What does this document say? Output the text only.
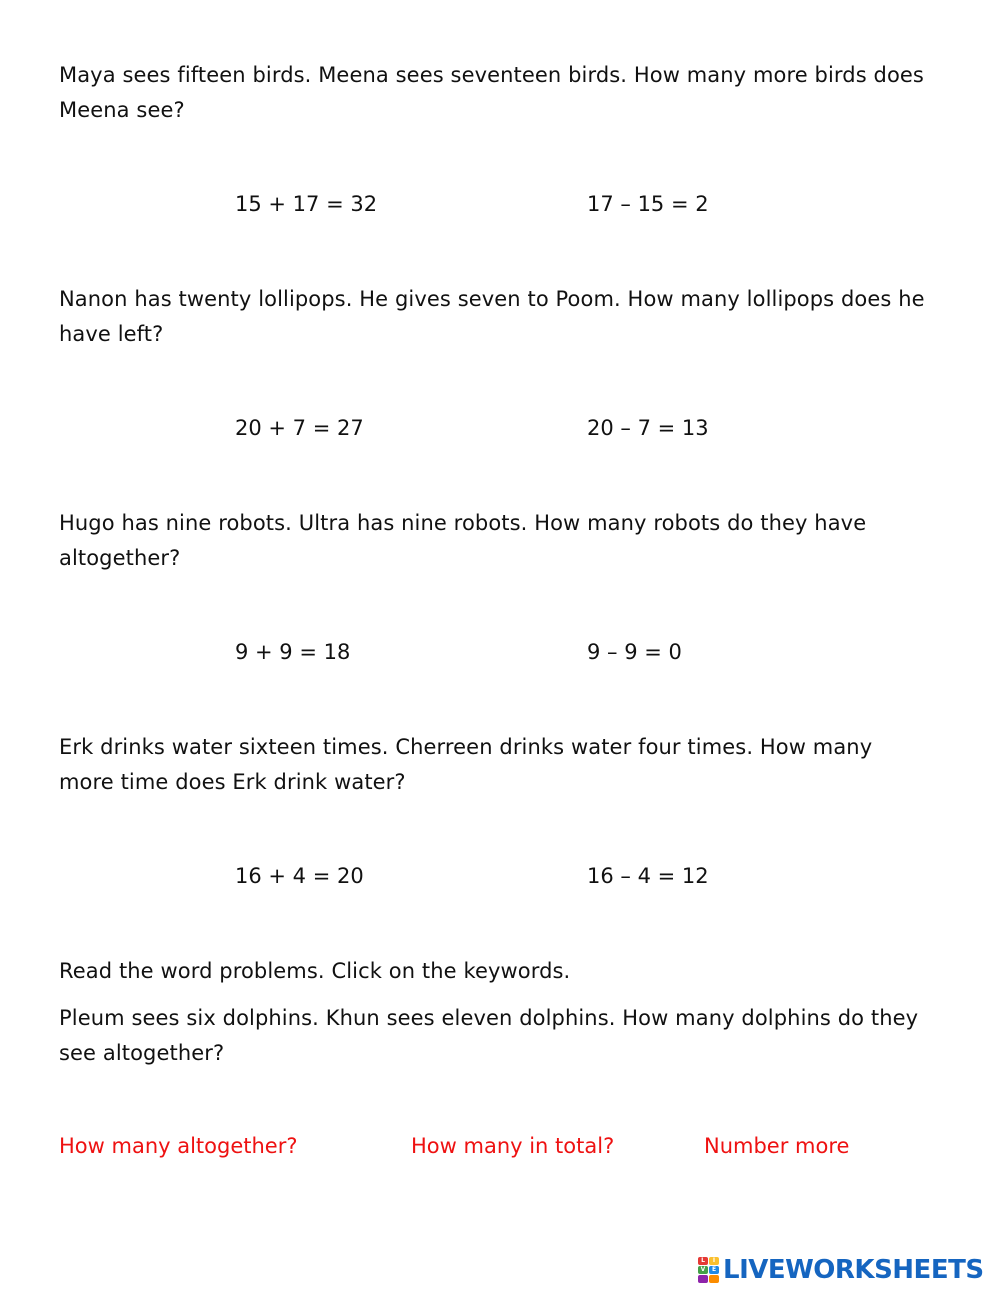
Maya sees fifteen birds. Meena sees seventeen birds. How many more birds does
Meena see?
15 + 17 = 32	17 – 15 = 2
Nanon has twenty lollipops. He gives seven to Poom. How many lollipops does he
have left?
20 + 7 = 27	20 – 7 = 13
Hugo has nine robots. Ultra has nine robots. How many robots do they have
altogether?
9 + 9 = 18	9 – 9 = 0
Erk drinks water sixteen times. Cherreen drinks water four times. How many
more time does Erk drink water?
16 + 4 = 20	16 – 4 = 12
Read the word problems. Click on the keywords.
Pleum sees six dolphins. Khun sees eleven dolphins. How many dolphins do they
see altogether?
How many altogether?	How many in total?	Number more
L	I
V	E LIVEWORKSHEETS
